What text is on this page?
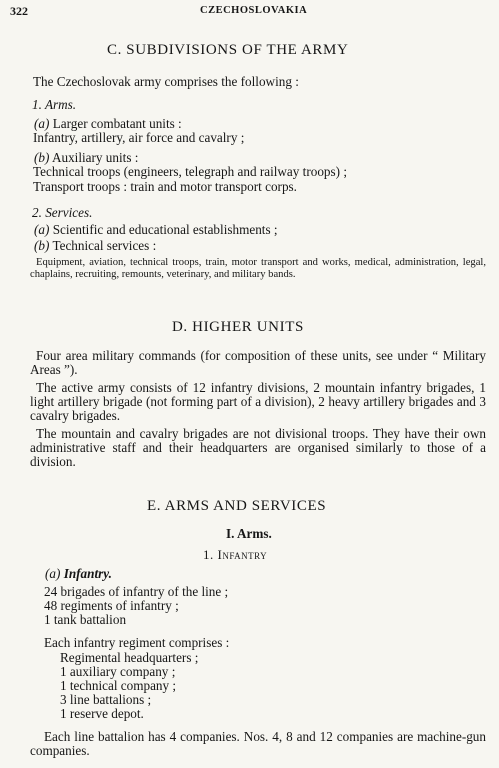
322	CZECHOSLOVAKIA
C. SUBDIVISIONS OF THE ARMY
The Czechoslovak army comprises the following :
1. Arms.
(a) Larger combatant units :
Infantry, artillery, air force and cavalry ;
(b) Auxiliary units :
Technical troops (engineers, telegraph and railway troops) ;
Transport troops : train and motor transport corps.
2. Services.
(a) Scientific and educational establishments ;
(b) Technical services :
Equipment, aviation, technical troops, train, motor transport and works, medical, administration, legal, chaplains, recruiting, remounts, veterinary, and military bands.
D. HIGHER UNITS
Four area military commands (for composition of these units, see under “ Military Areas ”).
The active army consists of 12 infantry divisions, 2 mountain infantry brigades, 1 light artillery brigade (not forming part of a division), 2 heavy artillery brigades and 3 cavalry brigades.
The mountain and cavalry brigades are not divisional troops. They have their own administrative staff and their headquarters are organised similarly to those of a division.
E. ARMS AND SERVICES
I. Arms.
1. Infantry
(a) Infantry.
24 brigades of infantry of the line ;
48 regiments of infantry ;
1 tank battalion
Each infantry regiment comprises :
Regimental headquarters ;
1 auxiliary company ;
1 technical company ;
3 line battalions ;
1 reserve depot.
Each line battalion has 4 companies. Nos. 4, 8 and 12 companies are machine-gun companies.
